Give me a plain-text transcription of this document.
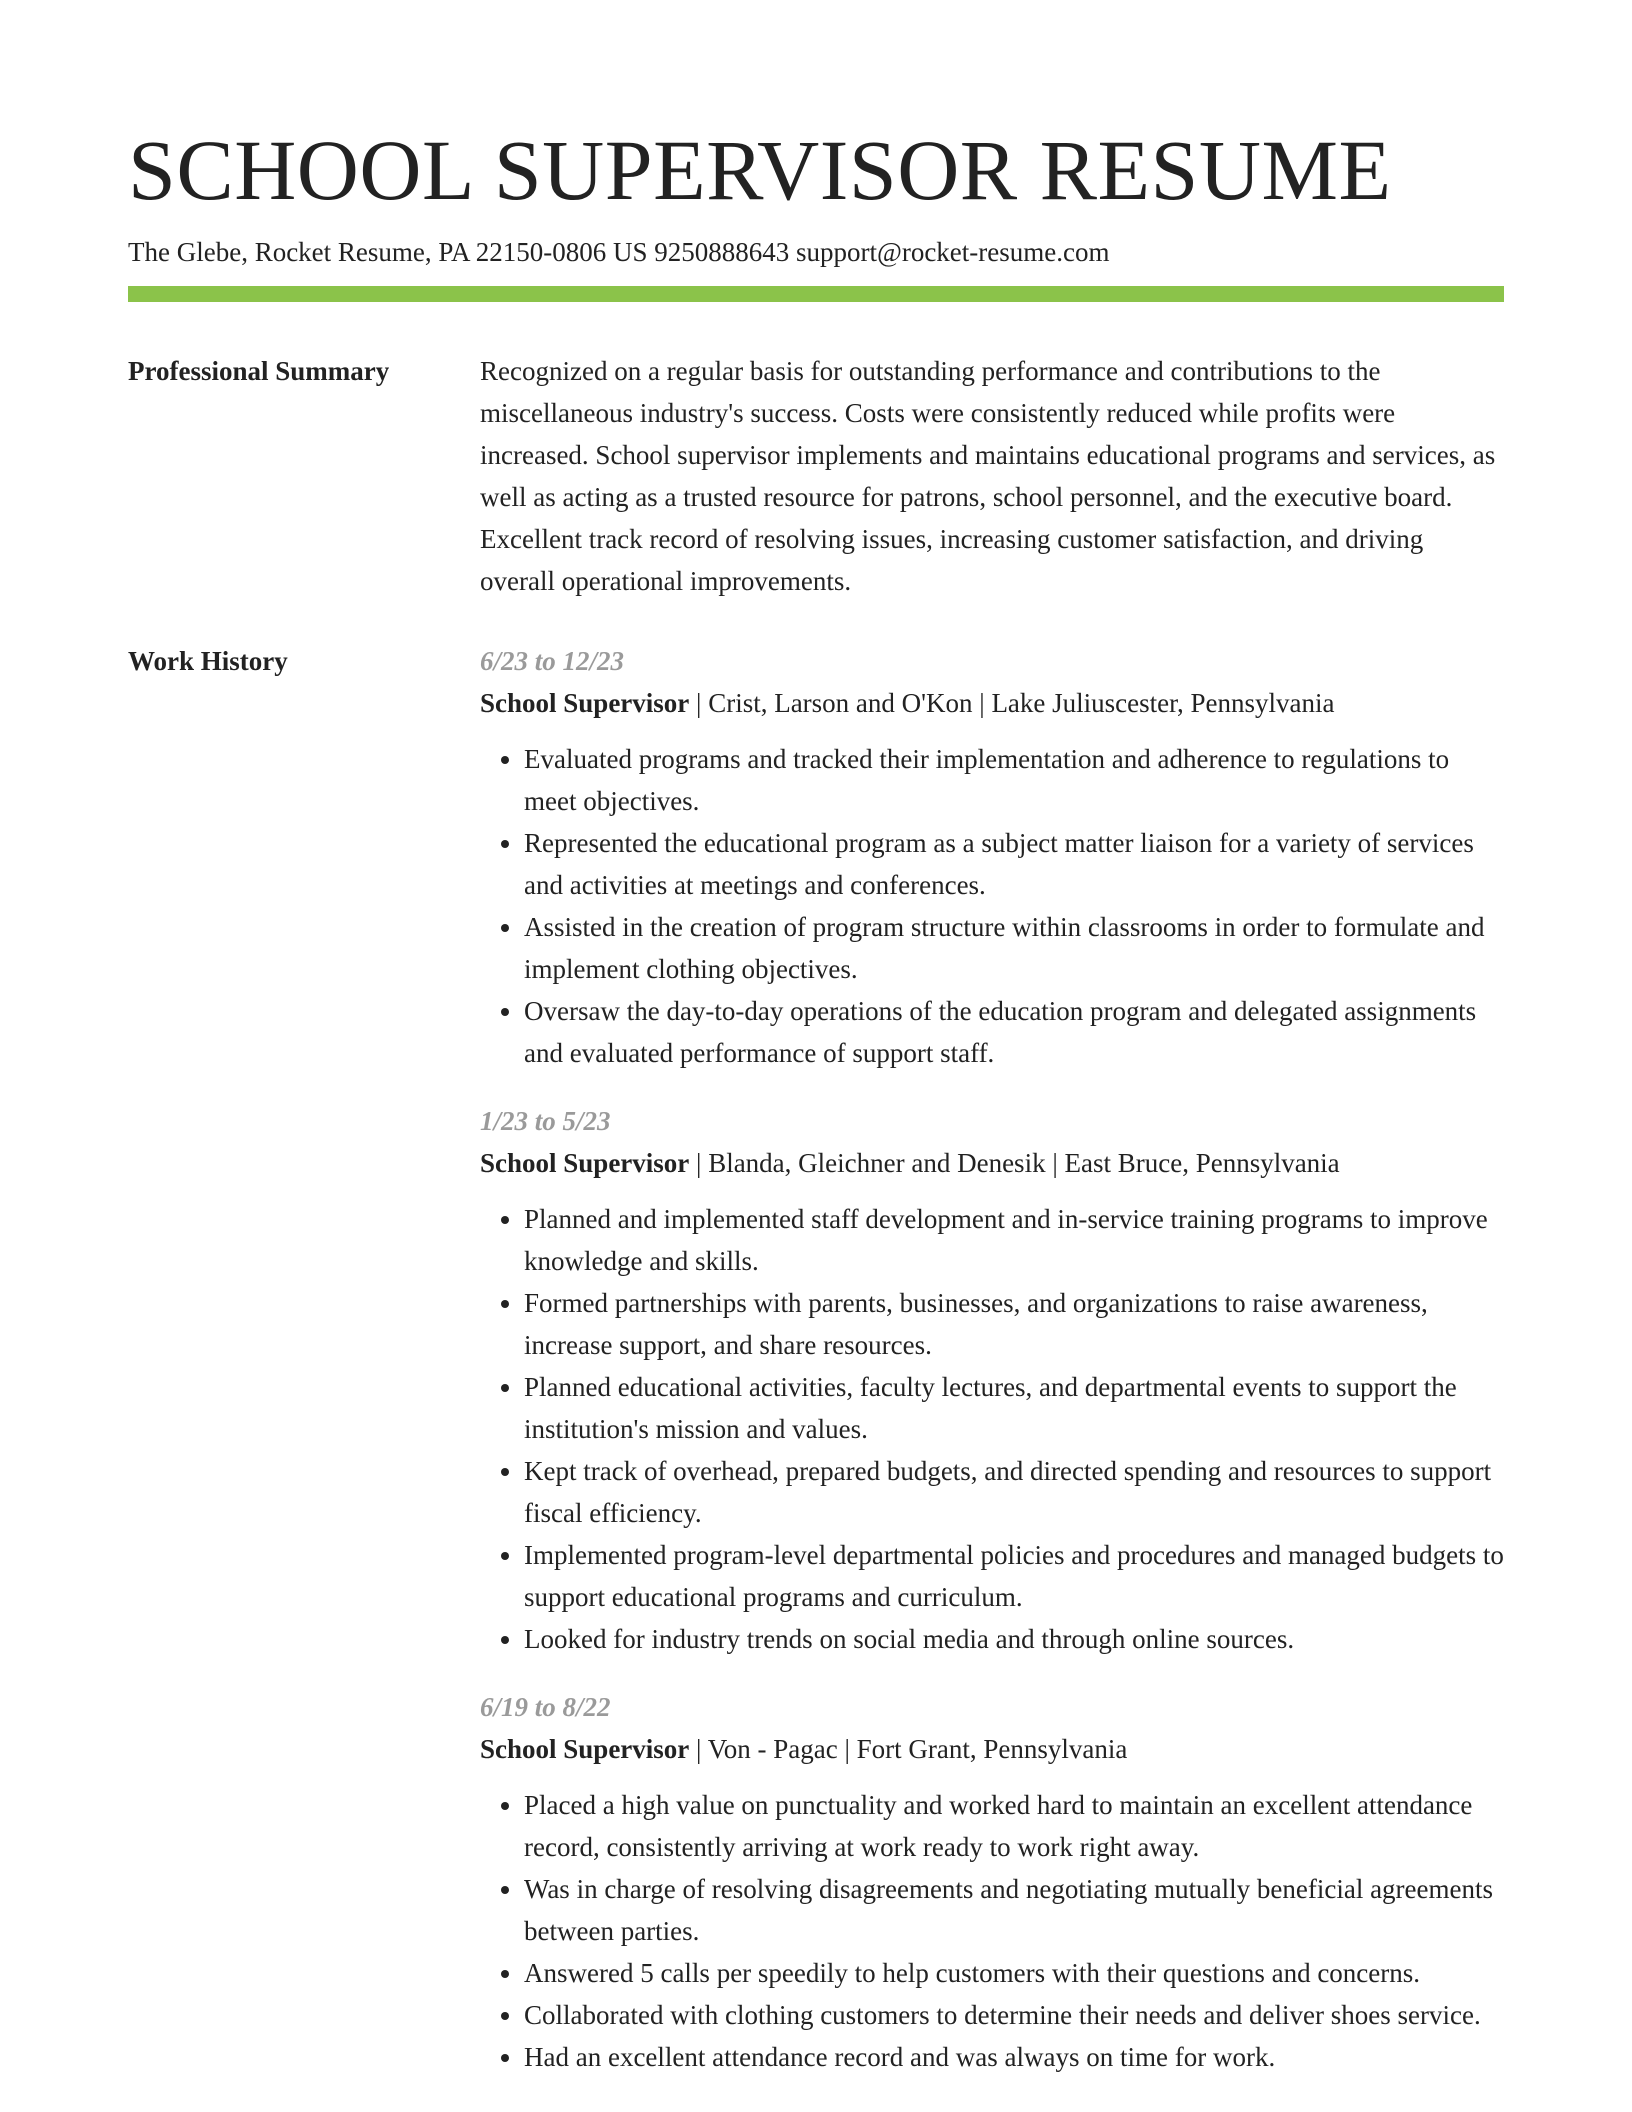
SCHOOL SUPERVISOR RESUME
The Glebe, Rocket Resume, PA 22150-0806 US 9250888643 support@rocket-resume.com
Professional Summary	Recognized on a regular basis for outstanding performance and contributions to the miscellaneous industry's success. Costs were consistently reduced while profits were increased. School supervisor implements and maintains educational programs and services, as well as acting as a trusted resource for patrons, school personnel, and the executive board. Excellent track record of resolving issues, increasing customer satisfaction, and driving overall operational improvements.

Work History	6/23 to 12/23
School Supervisor | Crist, Larson and O'Kon | Lake Juliuscester, Pennsylvania
• Evaluated programs and tracked their implementation and adherence to regulations to meet objectives.
• Represented the educational program as a subject matter liaison for a variety of services and activities at meetings and conferences.
• Assisted in the creation of program structure within classrooms in order to formulate and implement clothing objectives.
• Oversaw the day-to-day operations of the education program and delegated assignments and evaluated performance of support staff.
1/23 to 5/23
School Supervisor | Blanda, Gleichner and Denesik | East Bruce, Pennsylvania
• Planned and implemented staff development and in-service training programs to improve knowledge and skills.
• Formed partnerships with parents, businesses, and organizations to raise awareness, increase support, and share resources.
• Planned educational activities, faculty lectures, and departmental events to support the institution's mission and values.
• Kept track of overhead, prepared budgets, and directed spending and resources to support fiscal efficiency.
• Implemented program-level departmental policies and procedures and managed budgets to support educational programs and curriculum.
• Looked for industry trends on social media and through online sources.
6/19 to 8/22
School Supervisor | Von - Pagac | Fort Grant, Pennsylvania
• Placed a high value on punctuality and worked hard to maintain an excellent attendance record, consistently arriving at work ready to work right away.
• Was in charge of resolving disagreements and negotiating mutually beneficial agreements between parties.
• Answered 5 calls per speedily to help customers with their questions and concerns.
• Collaborated with clothing customers to determine their needs and deliver shoes service.
• Had an excellent attendance record and was always on time for work.
